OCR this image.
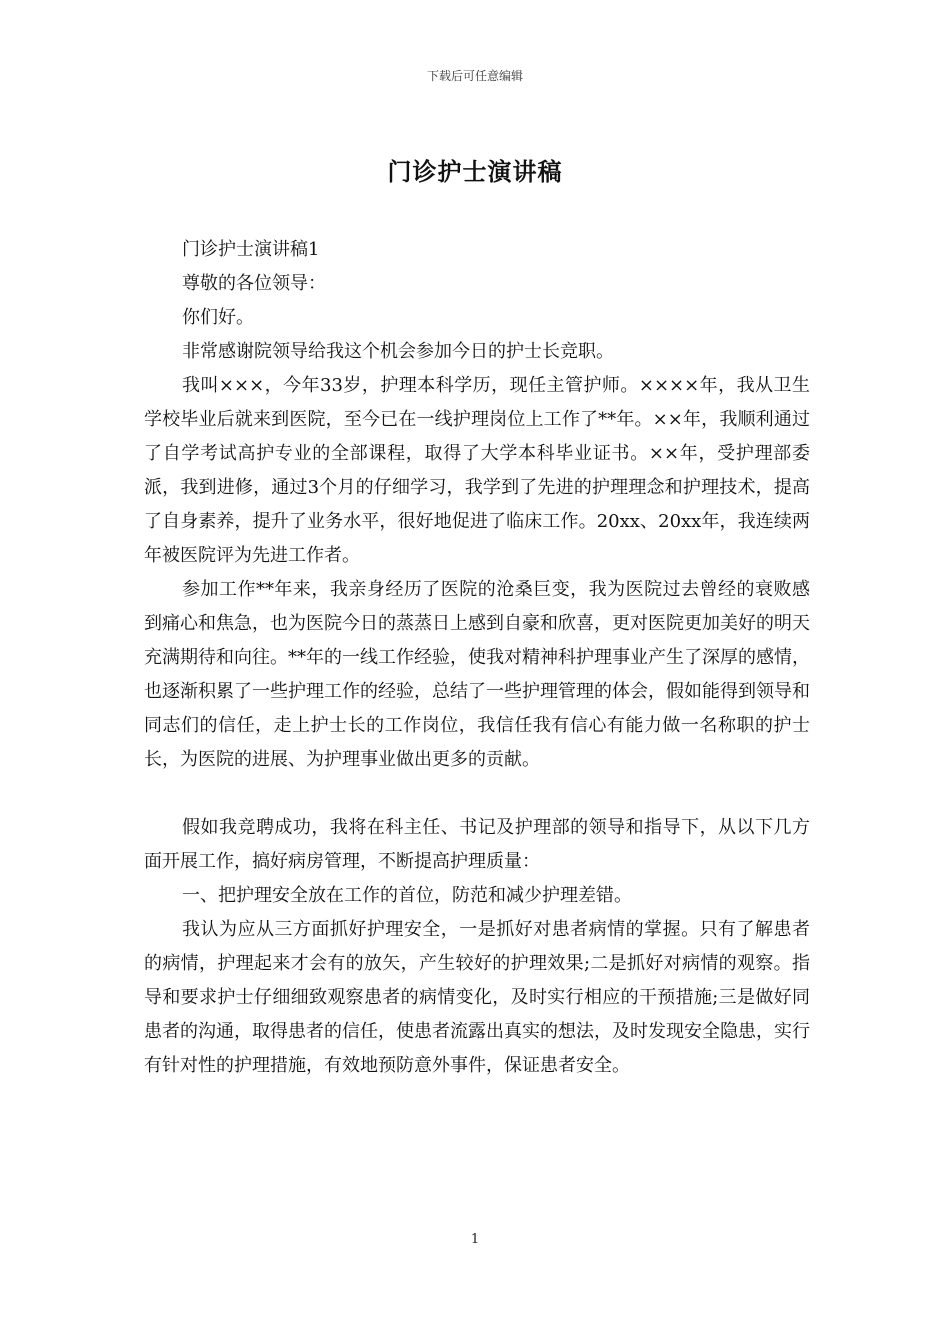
下载后可任意编辑
门诊护士演讲稿

门诊护士演讲稿1

尊敬的各位领导：

你们好。

非常感谢院领导给我这个机会参加今日的护士长竞职。

我叫×××，今年33岁，护理本科学历，现任主管护师。××××年，我从卫生学校毕业后就来到医院，至今已在一线护理岗位上工作了**年。××年，我顺利通过了自学考试高护专业的全部课程，取得了大学本科毕业证书。××年，受护理部委派，我到进修，通过3个月的仔细学习，我学到了先进的护理理念和护理技术，提高了自身素养，提升了业务水平，很好地促进了临床工作。20xx、20xx年，我连续两年被医院评为先进工作者。

参加工作**年来，我亲身经历了医院的沧桑巨变，我为医院过去曾经的衰败感到痛心和焦急，也为医院今日的蒸蒸日上感到自豪和欣喜，更对医院更加美好的明天充满期待和向往。**年的一线工作经验，使我对精神科护理事业产生了深厚的感情，也逐渐积累了一些护理工作的经验，总结了一些护理管理的体会，假如能得到领导和同志们的信任，走上护士长的工作岗位，我信任我有信心有能力做一名称职的护士长，为医院的进展、为护理事业做出更多的贡献。

假如我竞聘成功，我将在科主任、书记及护理部的领导和指导下，从以下几方面开展工作，搞好病房管理，不断提高护理质量：

一、把护理安全放在工作的首位，防范和减少护理差错。

我认为应从三方面抓好护理安全，一是抓好对患者病情的掌握。只有了解患者的病情，护理起来才会有的放矢，产生较好的护理效果;二是抓好对病情的观察。指导和要求护士仔细细致观察患者的病情变化，及时实行相应的干预措施;三是做好同患者的沟通，取得患者的信任，使患者流露出真实的想法，及时发现安全隐患，实行有针对性的护理措施，有效地预防意外事件，保证患者安全。

1
